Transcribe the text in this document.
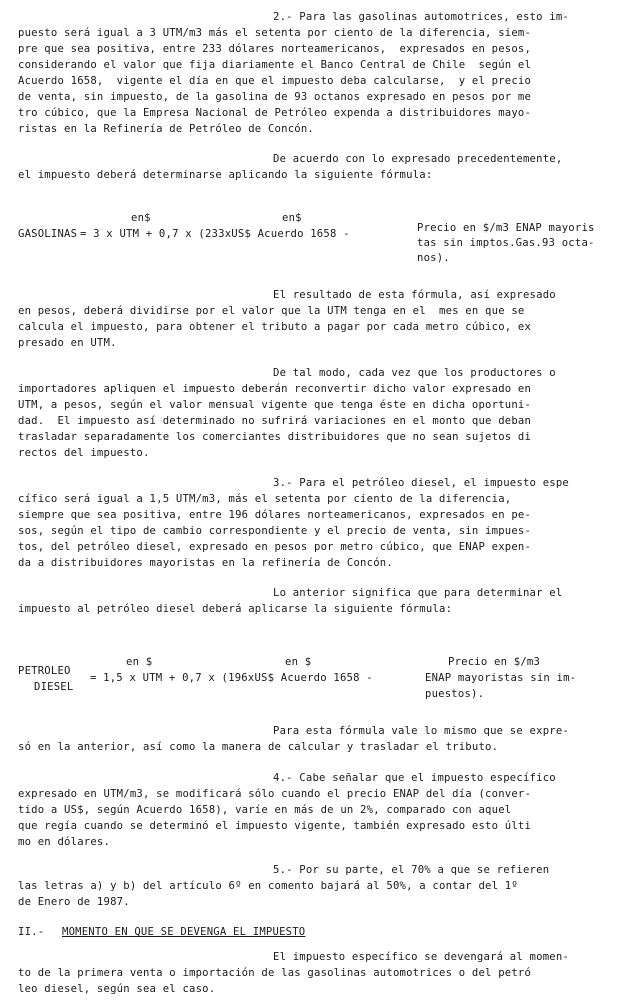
2.- Para las gasolinas automotrices, esto im-
puesto será igual a 3 UTM/m3 más el setenta por ciento de la diferencia, siem-
pre que sea positiva, entre 233 dólares norteamericanos,  expresados en pesos,
considerando el valor que fija diariamente el Banco Central de Chile  según el
Acuerdo 1658,  vigente el día en que el impuesto deba calcularse,  y el precio
de venta, sin impuesto, de la gasolina de 93 octanos expresado en pesos por me
tro cúbico, que la Empresa Nacional de Petróleo expenda a distribuidores mayo-
ristas en la Refinería de Petróleo de Concón.
De acuerdo con lo expresado precedentemente,
el impuesto deberá determinarse aplicando la siguiente fórmula:
en$	en$
GASOLINAS = 3 x UTM + 0,7 x (233xUS$ Acuerdo 1658 -	Precio en $/m3 ENAP mayoris
tas sin imptos.Gas.93 octa-
nos).
El resultado de esta fórmula, así expresado
en pesos, deberá dividirse por el valor que la UTM tenga en el  mes en que se
calcula el impuesto, para obtener el tributo a pagar por cada metro cúbico, ex
presado en UTM.
De tal modo, cada vez que los productores o
importadores apliquen el impuesto deberán reconvertir dicho valor expresado en
UTM, a pesos, según el valor mensual vigente que tenga éste en dicha oportuni-
dad.  El impuesto así determinado no sufrirá variaciones en el monto que deban
trasladar separadamente los comerciantes distribuidores que no sean sujetos di
rectos del impuesto.
3.- Para el petróleo diesel, el impuesto espe
cífico será igual a 1,5 UTM/m3, más el setenta por ciento de la diferencia,
siempre que sea positiva, entre 196 dólares norteamericanos, expresados en pe-
sos, según el tipo de cambio correspondiente y el precio de venta, sin impues-
tos, del petróleo diesel, expresado en pesos por metro cúbico, que ENAP expen-
da a distribuidores mayoristas en la refinería de Concón.
Lo anterior significa que para determinar el
impuesto al petróleo diesel deberá aplicarse la siguiente fórmula:
en $	en $	Precio en $/m3
PETROLEO
DIESEL
= 1,5 x UTM + 0,7 x (196xUS$ Acuerdo 1658 -	ENAP mayoristas sin im-
puestos).
Para esta fórmula vale lo mismo que se expre-
só en la anterior, así como la manera de calcular y trasladar el tributo.
4.- Cabe señalar que el impuesto específico
expresado en UTM/m3, se modificará sólo cuando el precio ENAP del día (conver-
tido a US$, según Acuerdo 1658), varíe en más de un 2%, comparado con aquel
que regía cuando se determinó el impuesto vigente, también expresado esto últi
mo en dólares.
5.- Por su parte, el 70% a que se refieren
las letras a) y b) del artículo 6º en comento bajará al 50%, a contar del 1º
de Enero de 1987.
II.- MOMENTO EN QUE SE DEVENGA EL IMPUESTO
El impuesto específico se devengará al momen-
to de la primera venta o importación de las gasolinas automotrices o del petró
leo diesel, según sea el caso.
